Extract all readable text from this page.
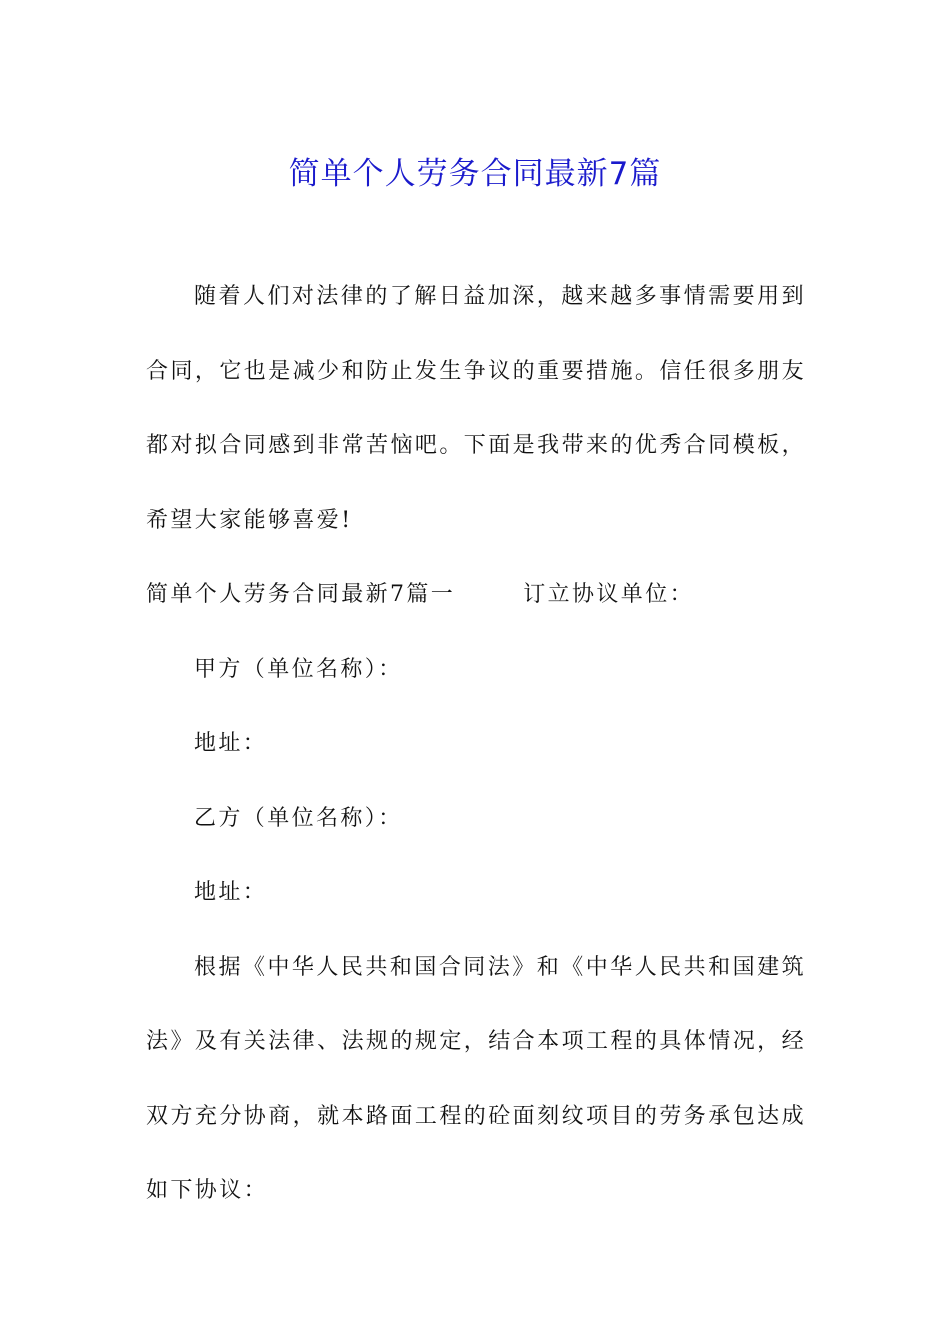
简单个人劳务合同最新7篇

随着人们对法律的了解日益加深，越来越多事情需要用到合同，它也是减少和防止发生争议的重要措施。信任很多朋友都对拟合同感到非常苦恼吧。下面是我带来的优秀合同模板，希望大家能够喜爱!

简单个人劳务合同最新7篇一	订立协议单位：

甲方（单位名称）：

地址：

乙方（单位名称）：

地址：

根据《中华人民共和国合同法》和《中华人民共和国建筑法》及有关法律、法规的规定，结合本项工程的具体情况，经双方充分协商，就本路面工程的砼面刻纹项目的劳务承包达成如下协议：
